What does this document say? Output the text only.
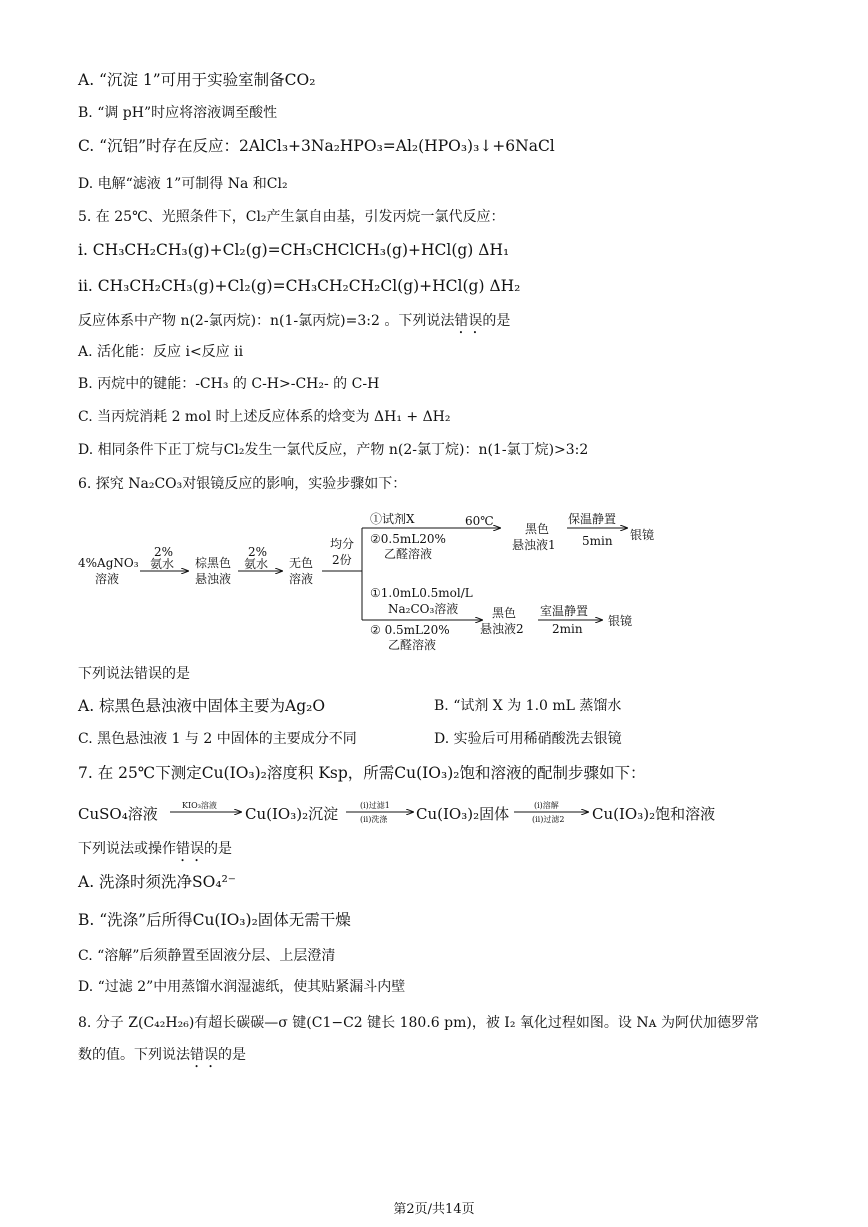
A. “沉淀 1”可用于实验室制备CO₂
B. “调 pH”时应将溶液调至酸性
C. “沉铝”时存在反应：2AlCl₃+3Na₂HPO₃=Al₂(HPO₃)₃↓+6NaCl
D. 电解“滤液 1”可制得 Na 和Cl₂
5. 在 25℃、光照条件下，Cl₂产生氯自由基，引发丙烷一氯代反应：
i. CH₃CH₂CH₃(g)+Cl₂(g)=CH₃CHClCH₃(g)+HCl(g) ΔH₁
ii. CH₃CH₂CH₃(g)+Cl₂(g)=CH₃CH₂CH₂Cl(g)+HCl(g) ΔH₂
反应体系中产物 n(2-氯丙烷)：n(1-氯丙烷)=3:2 。下列说法错误的是
A. 活化能：反应 i<反应 ii
B. 丙烷中的键能：-CH₃ 的 C-H>-CH₂- 的 C-H
C. 当丙烷消耗 2 mol 时上述反应体系的焓变为 ΔH₁ + ΔH₂
D. 相同条件下正丁烷与Cl₂发生一氯代反应，产物 n(2-氯丁烷)：n(1-氯丁烷)>3:2
6. 探究 Na₂CO₃对银镜反应的影响，实验步骤如下：
4%AgNO₃
溶液
2%
氨水 棕黑色
悬浊液
2%
氨水 无色
溶液
均分
2份
①试剂X
②0.5mL20%
乙醛溶液
60℃
黑色
悬浊液1
保温静置
5min 银镜
①1.0mL0.5mol/L
Na₂CO₃溶液
② 0.5mL20%
乙醛溶液
黑色
悬浊液2
室温静置
2min
银镜
下列说法错误的是
A. 棕黑色悬浊液中固体主要为Ag₂O	B. “试剂 X 为 1.0 mL 蒸馏水
C. 黑色悬浊液 1 与 2 中固体的主要成分不同	D. 实验后可用稀硝酸洗去银镜
7. 在 25℃下测定Cu(IO₃)₂溶度积 Ksp，所需Cu(IO₃)₂饱和溶液的配制步骤如下：
CuSO₄溶液	KIO₃溶液 Cu(IO₃)₂沉淀	(i)过滤1
(ii)洗涤 Cu(IO₃)₂固体	(i)溶解
(ii)过滤2 Cu(IO₃)₂饱和溶液
下列说法或操作错误的是
A. 洗涤时须洗净SO₄²⁻
B. “洗涤”后所得Cu(IO₃)₂固体无需干燥
C. “溶解”后须静置至固液分层、上层澄清
D. “过滤 2”中用蒸馏水润湿滤纸，使其贴紧漏斗内壁
8. 分子 Z(C₄₂H₂₆)有超长碳碳—σ 键(C1−C2 键长 180.6 pm)，被 I₂ 氧化过程如图。设 Nᴀ 为阿伏加德罗常
数的值。下列说法错误的是
第2页/共14页
